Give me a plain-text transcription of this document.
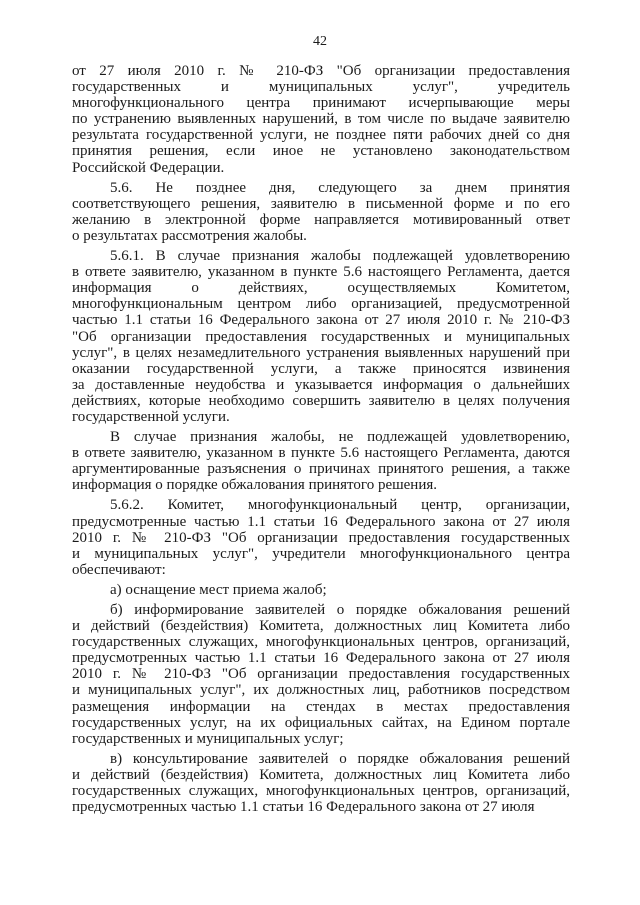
42
от 27 июля 2010 г. № 210-ФЗ "Об организации предоставления
государственных и муниципальных услуг", учредитель
многофункционального центра принимают исчерпывающие меры
по устранению выявленных нарушений, в том числе по выдаче заявителю
результата государственной услуги, не позднее пяти рабочих дней со дня
принятия решения, если иное не установлено законодательством
Российской Федерации.
5.6. Не позднее дня, следующего за днем принятия
соответствующего решения, заявителю в письменной форме и по его
желанию в электронной форме направляется мотивированный ответ
о результатах рассмотрения жалобы.
5.6.1. В случае признания жалобы подлежащей удовлетворению
в ответе заявителю, указанном в пункте 5.6 настоящего Регламента, дается
информация о действиях, осуществляемых Комитетом,
многофункциональным центром либо организацией, предусмотренной
частью 1.1 статьи 16 Федерального закона от 27 июля 2010 г. № 210-ФЗ
"Об организации предоставления государственных и муниципальных
услуг", в целях незамедлительного устранения выявленных нарушений при
оказании государственной услуги, а также приносятся извинения
за доставленные неудобства и указывается информация о дальнейших
действиях, которые необходимо совершить заявителю в целях получения
государственной услуги.
В случае признания жалобы, не подлежащей удовлетворению,
в ответе заявителю, указанном в пункте 5.6 настоящего Регламента, даются
аргументированные разъяснения о причинах принятого решения, а также
информация о порядке обжалования принятого решения.
5.6.2. Комитет, многофункциональный центр, организации,
предусмотренные частью 1.1 статьи 16 Федерального закона от 27 июля
2010 г. № 210-ФЗ "Об организации предоставления государственных
и муниципальных услуг", учредители многофункционального центра
обеспечивают:
а) оснащение мест приема жалоб;
б) информирование заявителей о порядке обжалования решений
и действий (бездействия) Комитета, должностных лиц Комитета либо
государственных служащих, многофункциональных центров, организаций,
предусмотренных частью 1.1 статьи 16 Федерального закона от 27 июля
2010 г. № 210-ФЗ "Об организации предоставления государственных
и муниципальных услуг", их должностных лиц, работников посредством
размещения информации на стендах в местах предоставления
государственных услуг, на их официальных сайтах, на Едином портале
государственных и муниципальных услуг;
в) консультирование заявителей о порядке обжалования решений
и действий (бездействия) Комитета, должностных лиц Комитета либо
государственных служащих, многофункциональных центров, организаций,
предусмотренных частью 1.1 статьи 16 Федерального закона от 27 июля
